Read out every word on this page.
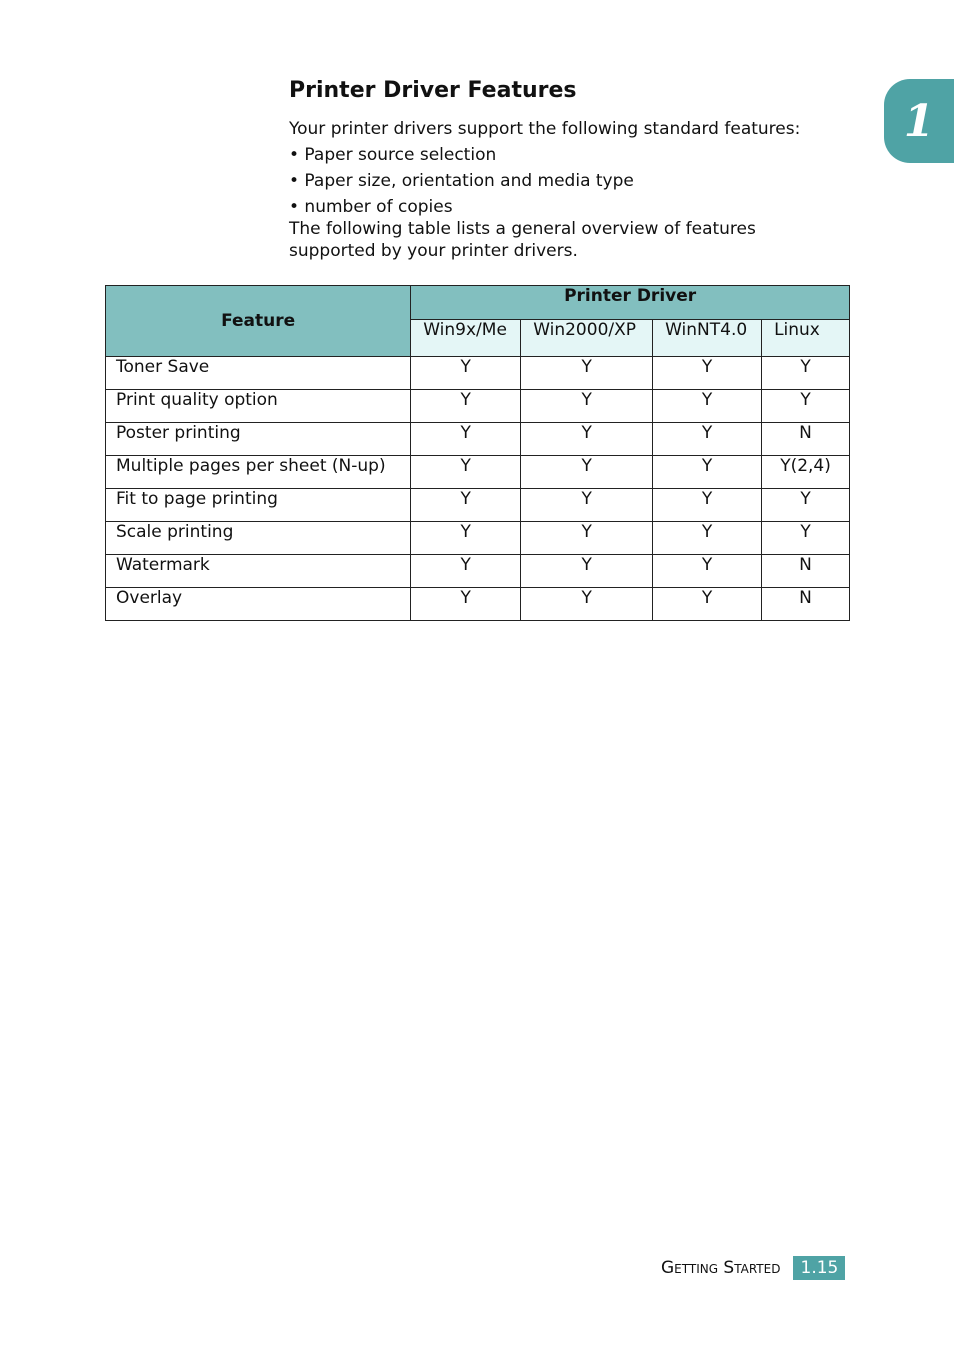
1
Printer Driver Features
Your printer drivers support the following standard features:
• Paper source selection
• Paper size, orientation and media type
• number of copies
The following table lists a general overview of features
supported by your printer drivers.
Feature	Printer Driver			
	Win9x/Me	Win2000/XP	WinNT4.0	Linux
Toner Save	Y	Y	Y	Y
Print quality option	Y	Y	Y	Y
Poster printing	Y	Y	Y	N
Multiple pages per sheet (N-up)	Y	Y	Y	Y(2,4)
Fit to page printing	Y	Y	Y	Y
Scale printing	Y	Y	Y	Y
Watermark	Y	Y	Y	N
Overlay	Y	Y	Y	N
Getting Started	1.15
